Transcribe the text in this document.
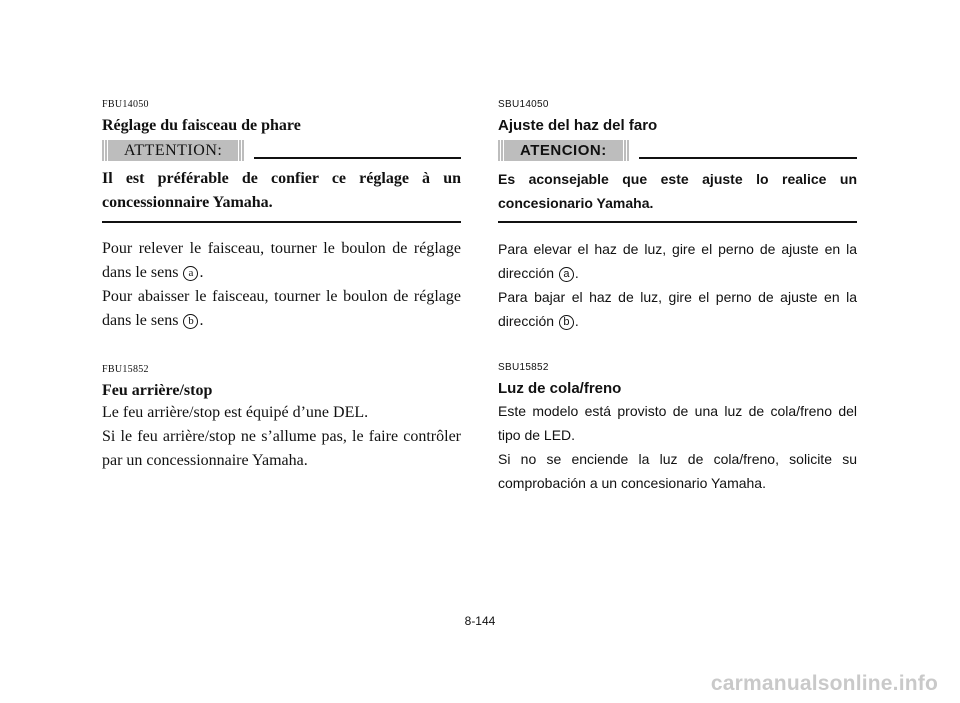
FBU14050

Réglage du faisceau de phare
ATTENTION:

Il est préférable de confier ce réglage à un concessionnaire Yamaha.

Pour relever le faisceau, tourner le boulon de réglage dans le sens a .

Pour abaisser le faisceau, tourner le boulon de réglage dans le sens b .

FBU15852

Feu arrière/stop

Le feu arrière/stop est équipé d’une DEL.

Si le feu arrière/stop ne s’allume pas, le faire contrôler par un concessionnaire Yamaha.

SBU14050

Ajuste del haz del faro
ATENCION:

Es aconsejable que este ajuste lo realice un concesionario Yamaha.

Para elevar el haz de luz, gire el perno de ajuste en la dirección a .

Para bajar el haz de luz, gire el perno de ajuste en la dirección b .

SBU15852

Luz de cola/freno

Este modelo está provisto de una luz de cola/freno del tipo de LED.

Si no se enciende la luz de cola/freno, solicite su comprobación a un concesionario Yamaha.

8-144
carmanualsonline.info
